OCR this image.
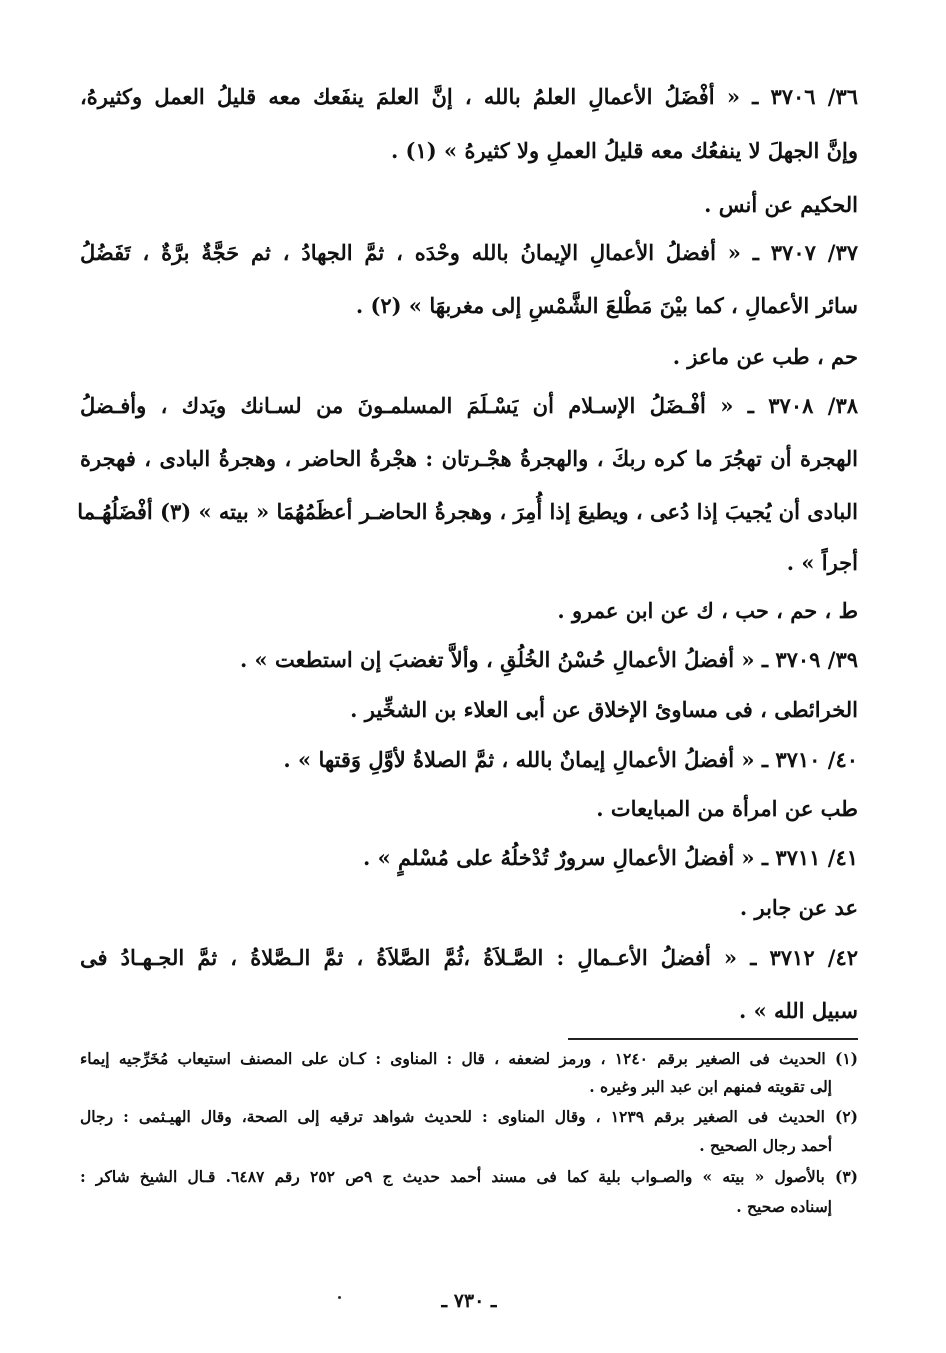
٣٦/ ٣٧٠٦ ـ « أفْضَلُ الأعمالِ العلمُ بالله ، إنَّ العلمَ ينفَعك معه قليلُ العمل وكثيرهُ،
وإنَّ الجهلَ لا ينفعُك معه قليلُ العملِ ولا كثيرهُ » (١) .
الحكيم عن أنس .
٣٧/ ٣٧٠٧ ـ « أفضلُ الأعمالِ الإيمانُ بالله وحْدَه ، ثمَّ الجهادُ ، ثم حَجَّةٌ برَّةٌ ، تَفَضُلُ
سائر الأعمالِ ، كما بيْنَ مَطْلعَ الشَّمْسِ إلى مغربهَا » (٢) .
حم ، طب عن ماعز .
٣٨/ ٣٧٠٨ ـ « أفْـضَلُ الإسـلام أن يَسْـلَمَ المسلمـونَ من لسـانك ويَدك ، وأفـضلُ
الهجرة أن تهجُرَ ما كره ربكَ ، والهجرةُ هجْـرتان : هجْرةُ الحاضر ، وهجرةُ البادى ، فهجرة
البادى أن يُجيبَ إذا دُعى ، ويطيعَ إذا أُمِرَ ، وهجرةُ الحاضـر أعظَمُهُمَا « بيته » (٣) أفْضَلُهُـما
أجراً » .
ط ، حم ، حب ، ك عن ابن عمرو .
٣٩/ ٣٧٠٩ ـ « أفضلُ الأعمالِ حُسْنُ الخُلُقِ ، وألاَّ تغضبَ إن استطعت » .
الخرائطى ، فى مساوئ الإخلاق عن أبى العلاء بن الشخِّير .
٤٠/ ٣٧١٠ ـ « أفضلُ الأعمالِ إيمانٌ بالله ، ثمَّ الصلاةُ لأوَّلِ وَقتها » .
طب عن امرأة من المبايعات .
٤١/ ٣٧١١ ـ « أفضلُ الأعمالِ سرورٌ تُدْخلُهُ على مُسْلمٍ » .
عد عن جابر .
٤٢/ ٣٧١٢ ـ « أفضلُ الأعـمالِ : الصَّـلاَةُ ،ثُمَّ الصَّلاَةُ ، ثمَّ الـصَّلاةُ ، ثمَّ الجـهـادُ فى
سبيل الله » .
(١) الحديث فى الصغير برقم ١٢٤٠ ، ورمز لضعفه ، قال : المناوى : كـان على المصنف استيعاب مُخَرِّجيه إيماء
إلى تقويته فمنهم ابن عبد البر وغيره .
(٢) الحديث فى الصغير برقم ١٢٣٩ ، وقال المناوى : للحديث شواهد ترقيه إلى الصحة، وقال الهيـثمى : رجال
أحمد رجال الصحيح .
(٣) بالأصول « بيته » والصـواب بلية كما فى مسند أحمد حديث ج ٩ص ٢٥٢ رقم ٦٤٨٧. قـال الشيخ شاكر :
إسناده صحيح .
ـ ٧٣٠ ـ
